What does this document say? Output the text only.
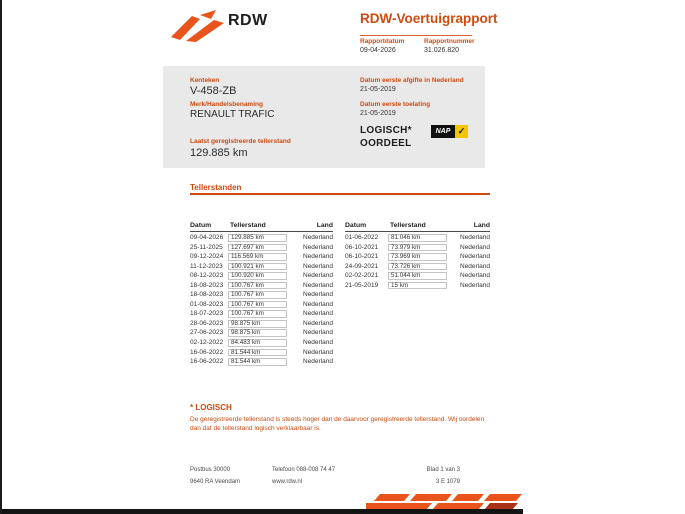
RDW	RDW-Voertuigrapport
Rapportdatum
09-04-2026
Rapportnummer
31.026.820
Kenteken
V-458-ZB
Merk/Handelsbenaming
RENAULT TRAFIC
Laatst geregistreerde tellerstand
129.885 km
Datum eerste afgifte in Nederland
21-05-2019
Datum eerste toelating
21-05-2019
LOGISCH*
OORDEEL
NAP ✓
Tellerstanden
Datum	Tellerstand	Land Datum	Tellerstand	Land
09-04-2026	129.885 km	Nederland
25-11-2025	127.697 km	Nederland
09-12-2024	116.569 km	Nederland
11-12-2023	100.921 km	Nederland
08-12-2023	100.920 km	Nederland
18-08-2023	100.767 km	Nederland
18-08-2023	100.767 km	Nederland
01-08-2023	100.767 km	Nederland
18-07-2023	100.767 km	Nederland
28-06-2023	98.875 km	Nederland
27-06-2023	98.875 km	Nederland
02-12-2022	84.483 km	Nederland
16-06-2022	81.544 km	Nederland
16-06-2022	81.544 km	Nederland
01-06-2022	81.046 km	Nederland
06-10-2021	73.979 km	Nederland
06-10-2021	73.969 km	Nederland
24-09-2021	73.726 km	Nederland
02-02-2021	51.044 km	Nederland
21-05-2019	15 km	Nederland
* LOGISCH
De geregistreerde tellerstand is steeds hoger dan de daarvoor geregistreerde tellerstand. Wij oordelen dan dat de tellerstand logisch verklaarbaar is.
Postbus 30000
9640 RA Veendam
Telefoon 088-008 74 47
www.rdw.nl
Blad 1 van 3
3 E 1079
